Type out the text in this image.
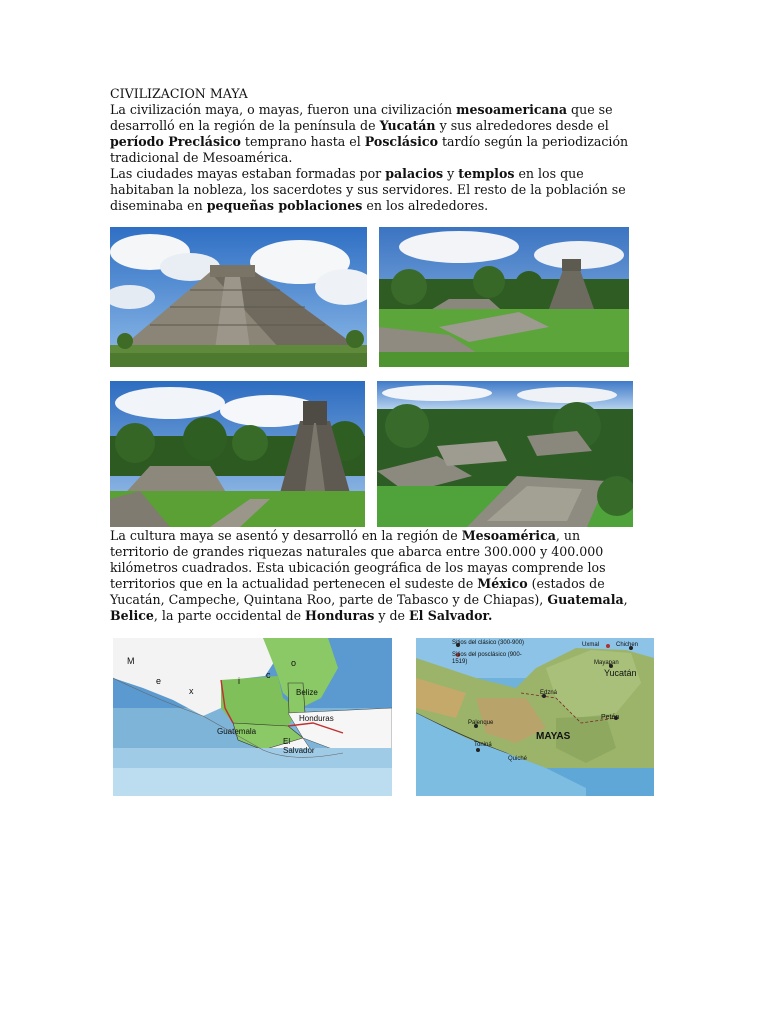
CIVILIZACION MAYA

La civilización maya, o mayas, fueron una civilización mesoamericana que se desarrolló en la región de la península de Yucatán y sus alrededores desde el período Preclásico temprano hasta el Posclásico tardío según la periodización tradicional de Mesoamérica.

Las ciudades mayas estaban formadas por palacios y templos en los que habitaban la nobleza, los sacerdotes y sus servidores. El resto de la población se diseminaba en pequeñas poblaciones en los alrededores.

La cultura maya se asentó y desarrolló en la región de Mesoamérica, un territorio de grandes riquezas naturales que abarca entre 300.000 y 400.000 kilómetros cuadrados. Esta ubicación geográfica de los mayas comprende los territorios que en la actualidad pertenecen el sudeste de México (estados de Yucatán, Campeche, Quintana Roo, parte de Tabasco y de Chiapas), Guatemala, Belice, la parte occidental de Honduras y de El Salvador.

M
e
x
i
c
o
Belize
Honduras
Guatemala
El Salvador
Sitios del clásico (300-900)
Sitios del posclásico (900-1519)
Uxmal	Chichen
Mayapan
Yucatán
Edzná
Petén
Palenque
Toniná
MAYAS
Quiché
